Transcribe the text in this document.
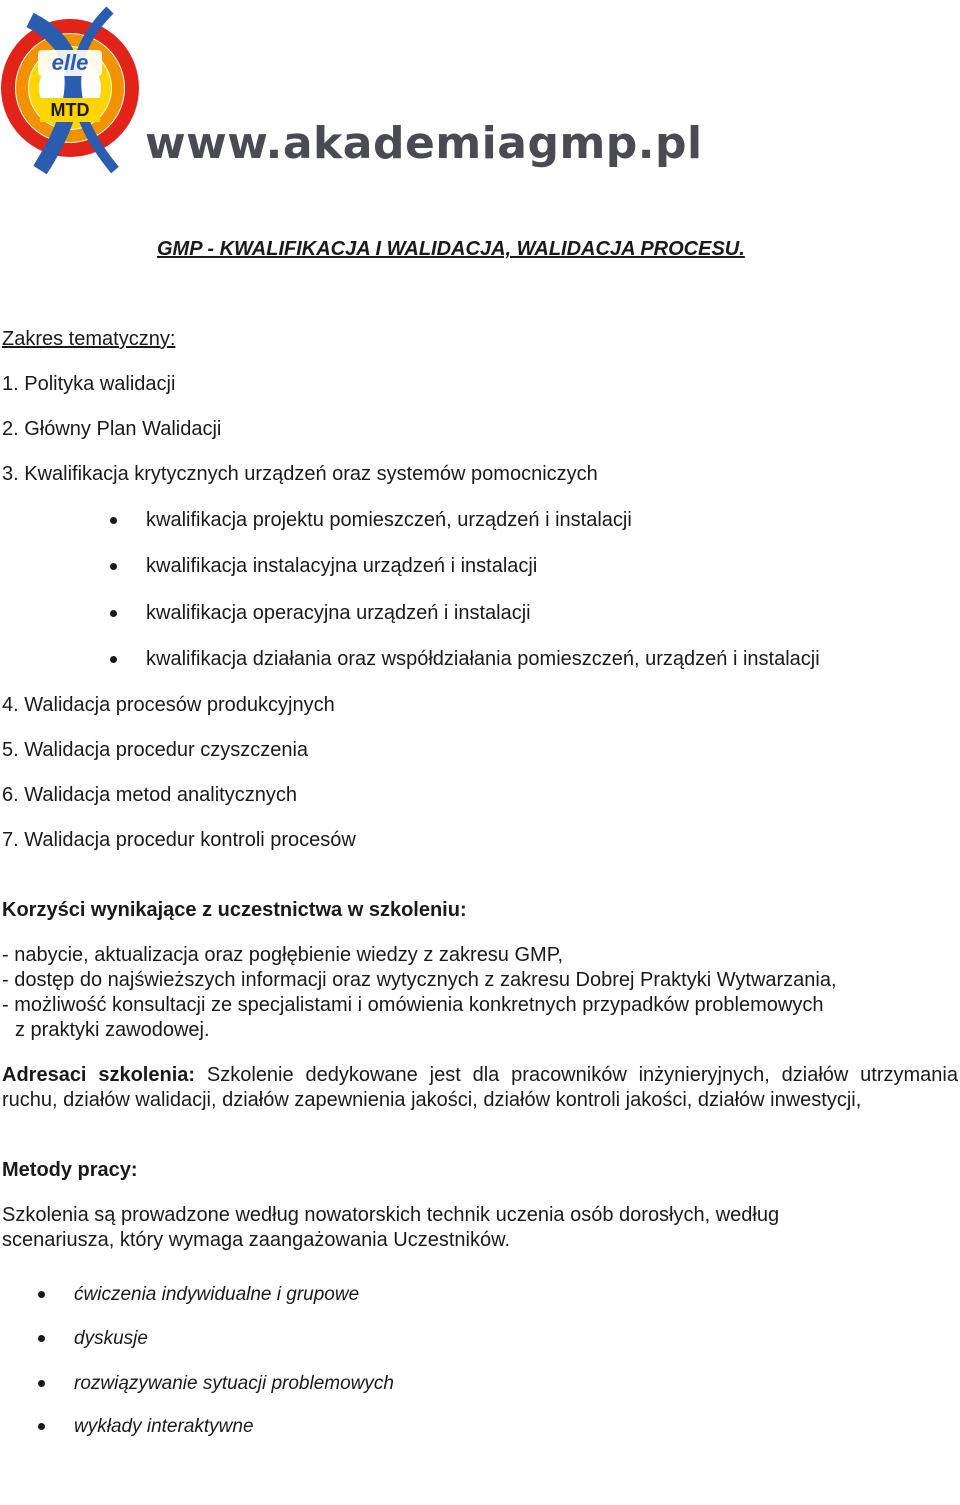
elle
MTD
www.akademiagmp.pl
GMP - KWALIFIKACJA I WALIDACJA, WALIDACJA PROCESU.
Zakres tematyczny:
1. Polityka walidacji
2. Główny Plan Walidacji
3. Kwalifikacja krytycznych urządzeń oraz systemów pomocniczych
kwalifikacja projektu pomieszczeń, urządzeń i instalacji
kwalifikacja instalacyjna urządzeń i instalacji
kwalifikacja operacyjna urządzeń i instalacji
kwalifikacja działania oraz współdziałania pomieszczeń, urządzeń i instalacji
4. Walidacja procesów produkcyjnych
5. Walidacja procedur czyszczenia
6. Walidacja metod analitycznych
7. Walidacja procedur kontroli procesów
Korzyści wynikające z uczestnictwa w szkoleniu:
- nabycie, aktualizacja oraz pogłębienie wiedzy z zakresu GMP,
- dostęp do najświeższych informacji oraz wytycznych z zakresu Dobrej Praktyki Wytwarzania,
- możliwość konsultacji ze specjalistami i omówienia konkretnych przypadków problemowych
z praktyki zawodowej.
Adresaci szkolenia: Szkolenie dedykowane jest dla pracowników inżynieryjnych, działów utrzymania ruchu, działów walidacji, działów zapewnienia jakości, działów kontroli jakości, działów inwestycji,
Metody pracy:
Szkolenia są prowadzone według nowatorskich technik uczenia osób dorosłych, według
scenariusza, który wymaga zaangażowania Uczestników.
ćwiczenia indywidualne i grupowe
dyskusje
rozwiązywanie sytuacji problemowych
wykłady interaktywne
